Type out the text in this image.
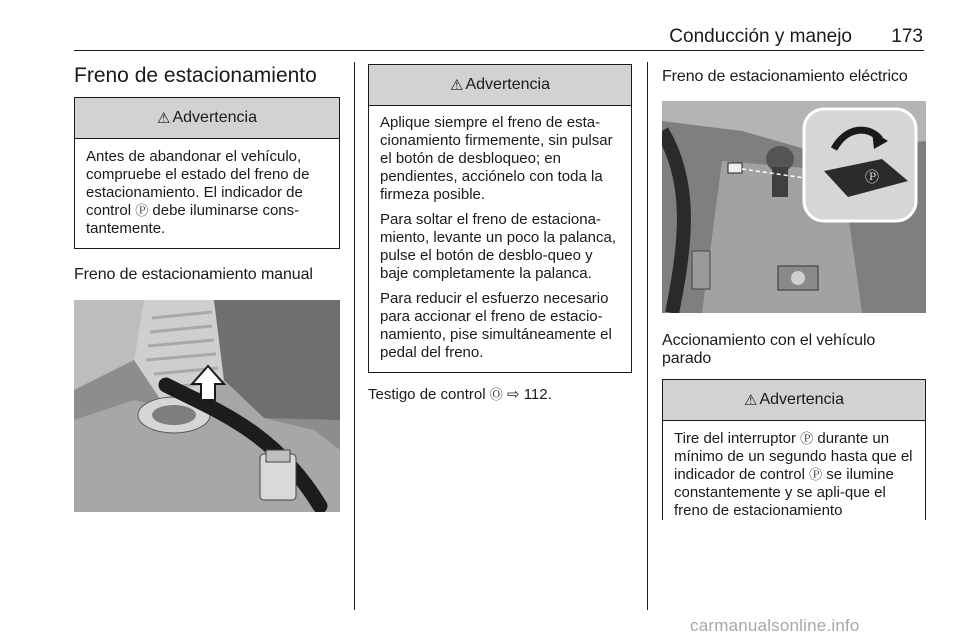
Conducción y manejo 173
Freno de estacionamiento
⚠ Advertencia
Antes de abandonar el vehículo, compruebe el estado del freno de estacionamiento. El indicador de control Ⓟ debe iluminarse cons-tantemente.
Freno de estacionamiento manual
⚠ Advertencia

Aplique siempre el freno de esta-cionamiento firmemente, sin pulsar el botón de desbloqueo; en pendientes, acciónelo con toda la firmeza posible.

Para soltar el freno de estaciona-miento, levante un poco la palanca, pulse el botón de desblo-queo y baje completamente la palanca.

Para reducir el esfuerzo necesario para accionar el freno de estacio-namiento, pise simultáneamente el pedal del freno.

Testigo de control Ⓞ ⇨ 112.
Freno de estacionamiento eléctrico
Ⓟ
Accionamiento con el vehículo parado
⚠ Advertencia
Tire del interruptor Ⓟ durante un mínimo de un segundo hasta que el indicador de control Ⓟ se ilumine constantemente y se apli-que el freno de estacionamiento
carmanualsonline.info
